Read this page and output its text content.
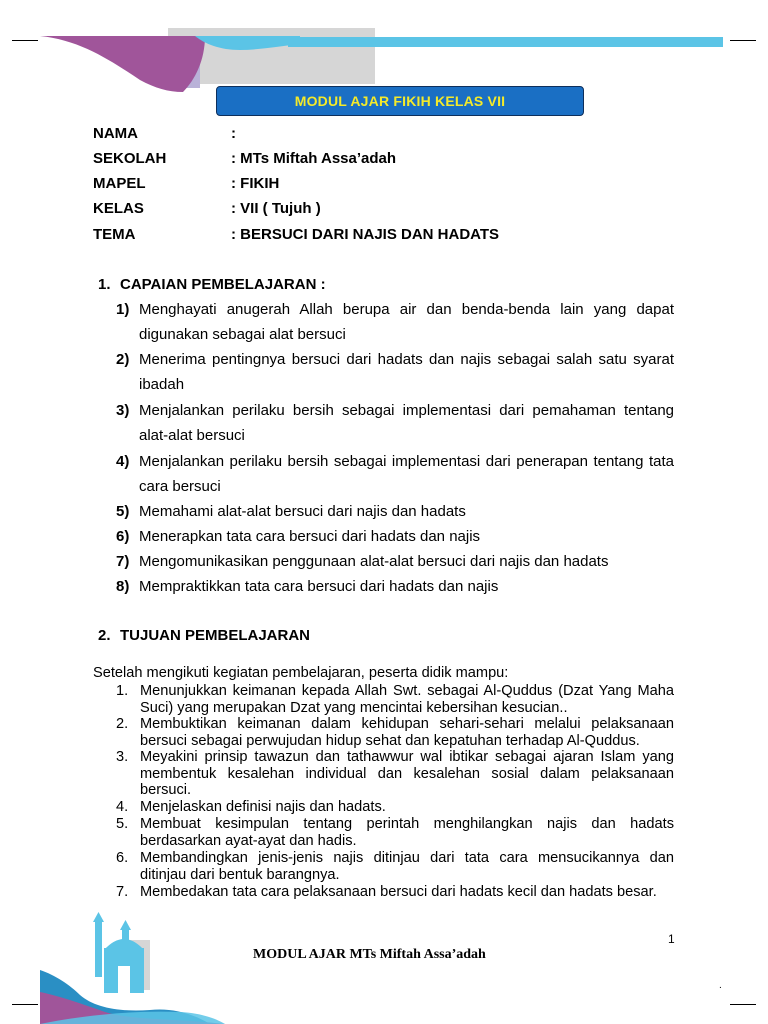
MODUL AJAR FIKIH KELAS VII
NAMA	:
SEKOLAH	: MTs Miftah Assa’adah
MAPEL	: FIKIH
KELAS	: VII ( Tujuh )
TEMA	: BERSUCI DARI NAJIS DAN HADATS
1. CAPAIAN PEMBELAJARAN :
1) Menghayati anugerah Allah berupa air dan benda-benda lain yang dapat digunakan sebagai alat bersuci
2) Menerima pentingnya bersuci dari hadats dan najis sebagai salah satu syarat ibadah
3) Menjalankan perilaku bersih sebagai implementasi dari pemahaman tentang alat-alat bersuci
4) Menjalankan perilaku bersih sebagai implementasi dari penerapan tentang tata cara bersuci
5) Memahami alat-alat bersuci dari najis dan hadats
6) Menerapkan tata cara bersuci dari hadats dan najis
7) Mengomunikasikan penggunaan alat-alat bersuci dari najis dan hadats
8) Mempraktikkan tata cara bersuci dari hadats dan najis
2. TUJUAN PEMBELAJARAN
Setelah mengikuti kegiatan pembelajaran, peserta didik mampu:
1. Menunjukkan keimanan kepada Allah Swt. sebagai Al-Quddus (Dzat Yang Maha Suci) yang merupakan Dzat yang mencintai kebersihan kesucian..
2. Membuktikan keimanan dalam kehidupan sehari-sehari melalui pelaksanaan bersuci sebagai perwujudan hidup sehat dan kepatuhan terhadap Al-Quddus.
3. Meyakini prinsip tawazun dan tathawwur wal ibtikar sebagai ajaran Islam yang membentuk kesalehan individual dan kesalehan sosial dalam pelaksanaan bersuci.
4. Menjelaskan definisi najis dan hadats.
5. Membuat kesimpulan tentang perintah menghilangkan najis dan hadats berdasarkan ayat-ayat dan hadis.
6. Membandingkan jenis-jenis najis ditinjau dari tata cara mensucikannya dan ditinjau dari bentuk barangnya.
7. Membedakan tata cara pelaksanaan bersuci dari hadats kecil dan hadats besar.
1
MODUL AJAR MTs Miftah Assa’adah
.
